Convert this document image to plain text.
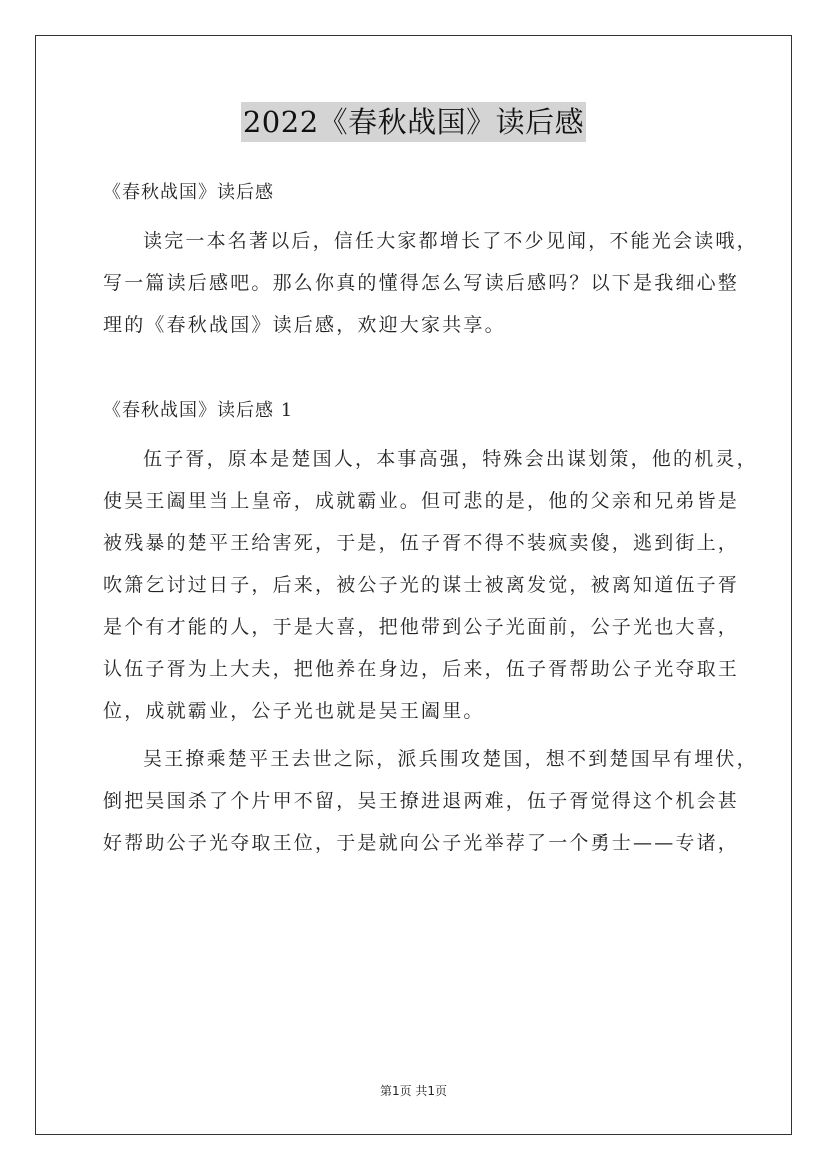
2022《春秋战国》读后感
《春秋战国》读后感
读完一本名著以后，信任大家都增长了不少见闻，不能光会读哦，
写一篇读后感吧。那么你真的懂得怎么写读后感吗？以下是我细心整
理的《春秋战国》读后感，欢迎大家共享。
《春秋战国》读后感 1
伍子胥，原本是楚国人，本事高强，特殊会出谋划策，他的机灵，
使吴王阖里当上皇帝，成就霸业。但可悲的是，他的父亲和兄弟皆是
被残暴的楚平王给害死，于是，伍子胥不得不装疯卖傻，逃到街上，
吹箫乞讨过日子，后来，被公子光的谋士被离发觉，被离知道伍子胥
是个有才能的人，于是大喜，把他带到公子光面前，公子光也大喜，
认伍子胥为上大夫，把他养在身边，后来，伍子胥帮助公子光夺取王
位，成就霸业，公子光也就是吴王阖里。
吴王撩乘楚平王去世之际，派兵围攻楚国，想不到楚国早有埋伏，
倒把吴国杀了个片甲不留，吴王撩进退两难，伍子胥觉得这个机会甚
好帮助公子光夺取王位，于是就向公子光举荐了一个勇士——专诸，
第1页 共1页
